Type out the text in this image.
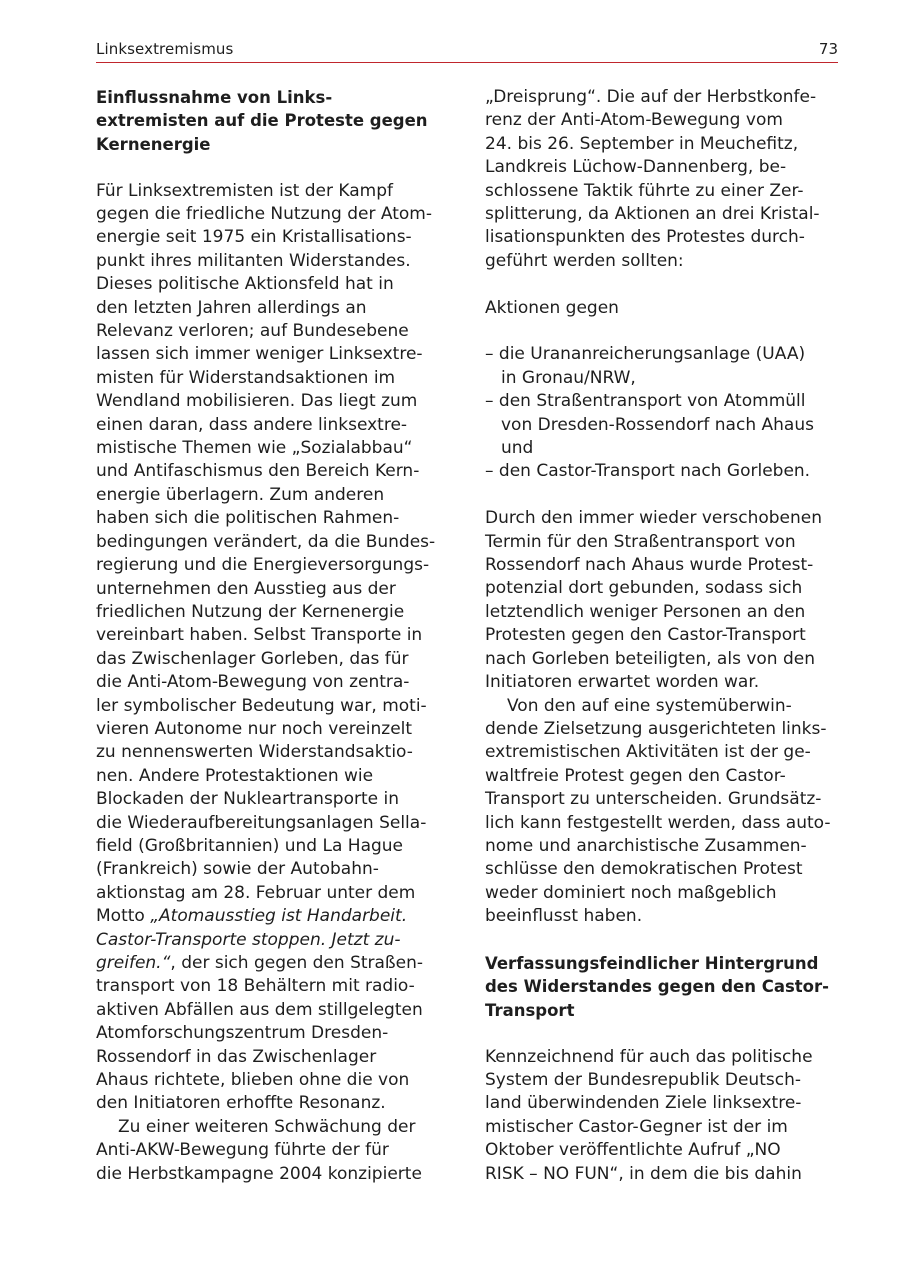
Linksextremismus	73
Einflussnahme von Links-
extremisten auf die Proteste gegen
Kernenergie

Für Linksextremisten ist der Kampf
gegen die friedliche Nutzung der Atom-
energie seit 1975 ein Kristallisations-
punkt ihres militanten Widerstandes.
Dieses politische Aktionsfeld hat in
den letzten Jahren allerdings an
Relevanz verloren; auf Bundesebene
lassen sich immer weniger Linksextre-
misten für Widerstandsaktionen im
Wendland mobilisieren. Das liegt zum
einen daran, dass andere linksextre-
mistische Themen wie „Sozialabbau“
und Antifaschismus den Bereich Kern-
energie überlagern. Zum anderen
haben sich die politischen Rahmen-
bedingungen verändert, da die Bundes-
regierung und die Energieversorgungs-
unternehmen den Ausstieg aus der
friedlichen Nutzung der Kernenergie
vereinbart haben. Selbst Transporte in
das Zwischenlager Gorleben, das für
die Anti-Atom-Bewegung von zentra-
ler symbolischer Bedeutung war, moti-
vieren Autonome nur noch vereinzelt
zu nennenswerten Widerstandsaktio-
nen. Andere Protestaktionen wie
Blockaden der Nukleartransporte in
die Wiederaufbereitungsanlagen Sella-
field (Großbritannien) und La Hague
(Frankreich) sowie der Autobahn-
aktionstag am 28. Februar unter dem
Motto „Atomausstieg ist Handarbeit.
Castor-Transporte stoppen. Jetzt zu-
greifen.“, der sich gegen den Straßen-
transport von 18 Behältern mit radio-
aktiven Abfällen aus dem stillgelegten
Atomforschungszentrum Dresden-
Rossendorf in das Zwischenlager
Ahaus richtete, blieben ohne die von
den Initiatoren erhoffte Resonanz.

Zu einer weiteren Schwächung der
Anti-AKW-Bewegung führte der für
die Herbstkampagne 2004 konzipierte

„Dreisprung“. Die auf der Herbstkonfe-
renz der Anti-Atom-Bewegung vom
24. bis 26. September in Meuchefitz,
Landkreis Lüchow-Dannenberg, be-
schlossene Taktik führte zu einer Zer-
splitterung, da Aktionen an drei Kristal-
lisationspunkten des Protestes durch-
geführt werden sollten:

Aktionen gegen

– die Urananreicherungsanlage (UAA)
in Gronau/NRW,

– den Straßentransport von Atommüll
von Dresden-Rossendorf nach Ahaus
und

– den Castor-Transport nach Gorleben.

Durch den immer wieder verschobenen
Termin für den Straßentransport von
Rossendorf nach Ahaus wurde Protest-
potenzial dort gebunden, sodass sich
letztendlich weniger Personen an den
Protesten gegen den Castor-Transport
nach Gorleben beteiligten, als von den
Initiatoren erwartet worden war.

Von den auf eine systemüberwin-
dende Zielsetzung ausgerichteten links-
extremistischen Aktivitäten ist der ge-
waltfreie Protest gegen den Castor-
Transport zu unterscheiden. Grundsätz-
lich kann festgestellt werden, dass auto-
nome und anarchistische Zusammen-
schlüsse den demokratischen Protest
weder dominiert noch maßgeblich
beeinflusst haben.

Verfassungsfeindlicher Hintergrund
des Widerstandes gegen den Castor-
Transport

Kennzeichnend für auch das politische
System der Bundesrepublik Deutsch-
land überwindenden Ziele linksextre-
mistischer Castor-Gegner ist der im
Oktober veröffentlichte Aufruf „NO
RISK – NO FUN“, in dem die bis dahin
